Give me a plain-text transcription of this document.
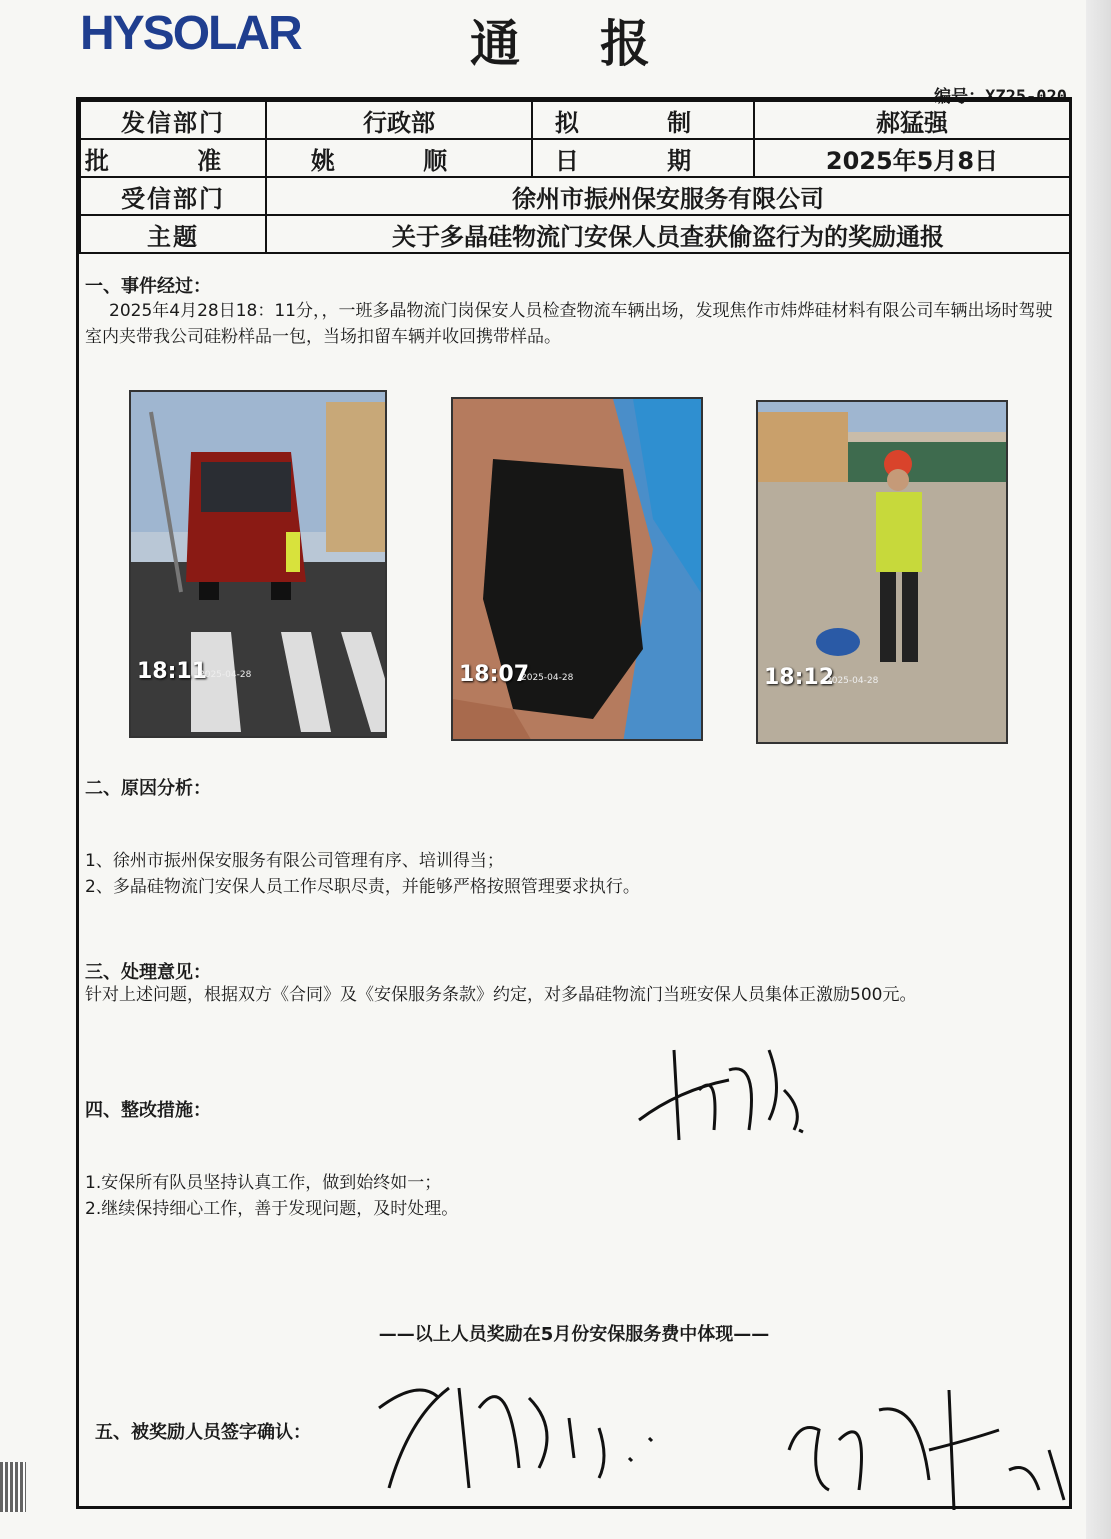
HYSOLAR	通报
编号：XZ25-020
发信部门	行政部	拟 制	郝猛强
批 准	姚 顺	日 期	2025年5月8日
受信部门	徐州市振州保安服务有限公司		
主题	关于多晶硅物流门安保人员查获偷盗行为的奖励通报		
一、事件经过：
2025年4月28日18：11分，，一班多晶物流门岗保安人员检查物流车辆出场，发现焦作市炜烨硅材料有限公司车辆出场时驾驶室内夹带我公司硅粉样品一包，当场扣留车辆并收回携带样品。
18:11
2025-04-28	18:07
2025-04-28	18:12
2025-04-28
二、原因分析：
1、徐州市振州保安服务有限公司管理有序、培训得当；
2、多晶硅物流门安保人员工作尽职尽责，并能够严格按照管理要求执行。
三、处理意见：
针对上述问题，根据双方《合同》及《安保服务条款》约定，对多晶硅物流门当班安保人员集体正激励500元。
四、整改措施：
1.安保所有队员坚持认真工作，做到始终如一；
2.继续保持细心工作，善于发现问题，及时处理。
——以上人员奖励在5月份安保服务费中体现——
五、被奖励人员签字确认：
